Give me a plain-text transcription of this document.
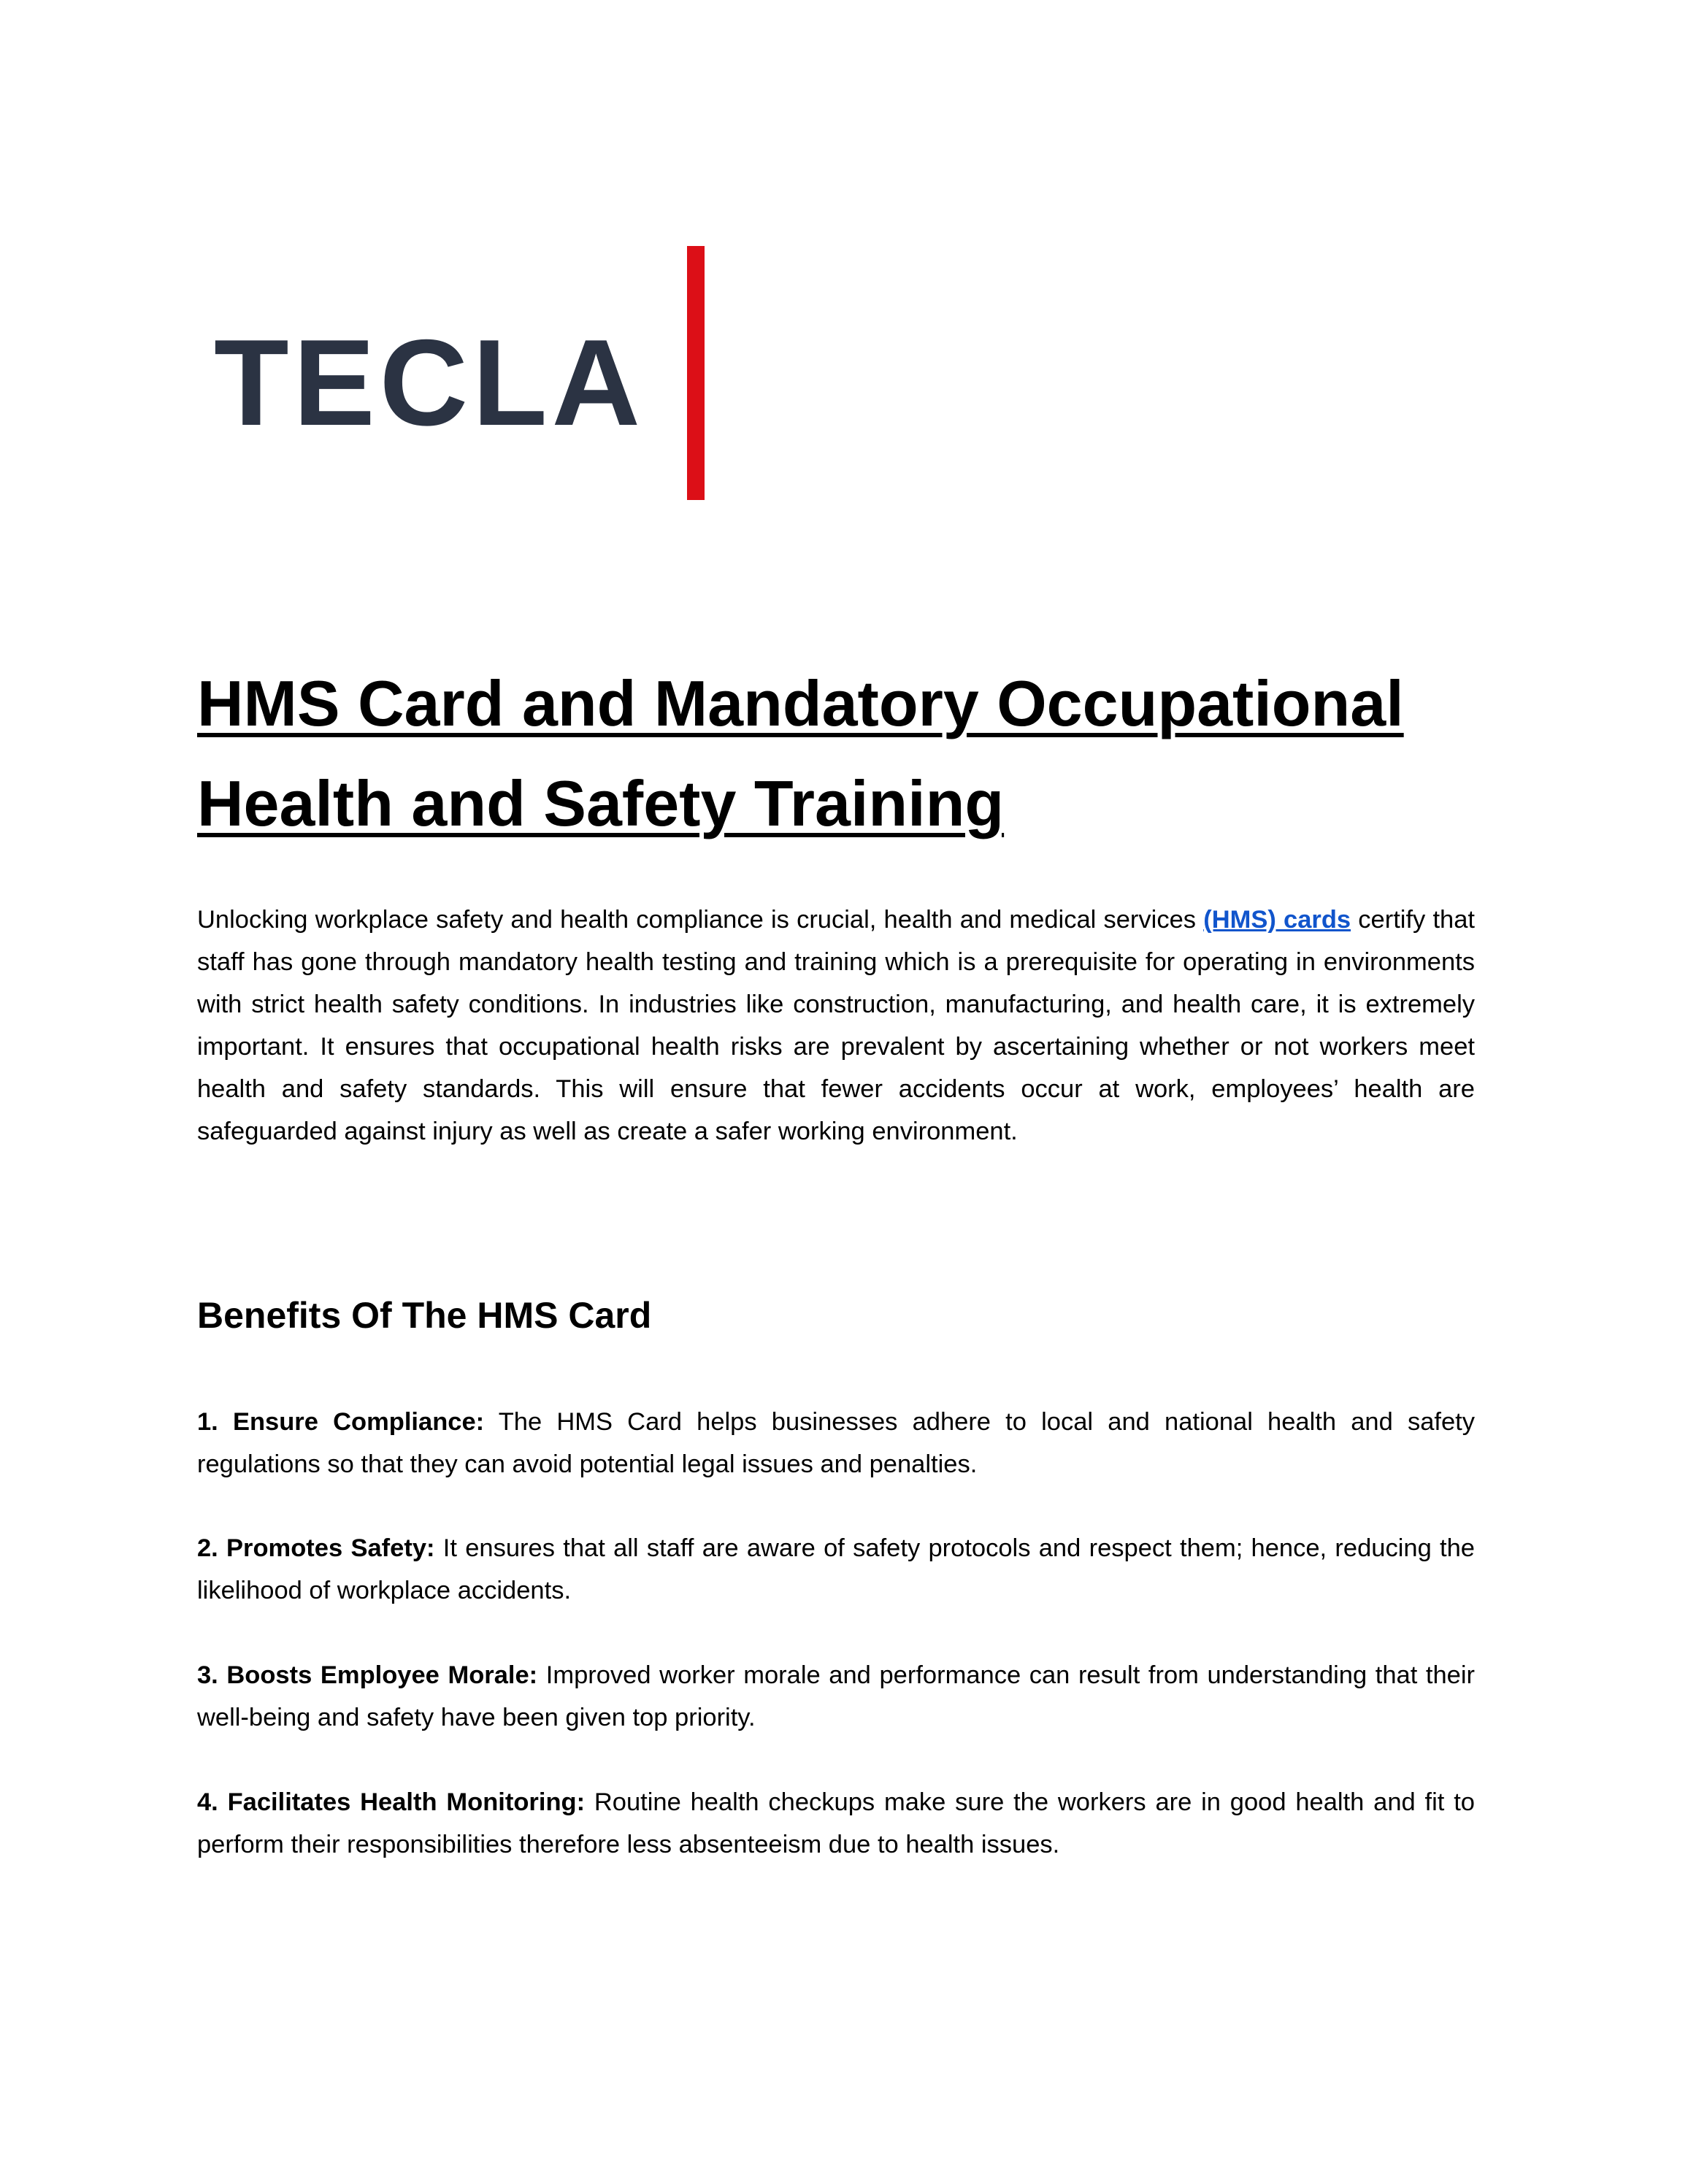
TECLA
HMS Card and Mandatory Occupational Health and Safety Training

Unlocking workplace safety and health compliance is crucial, health and medical services (HMS) cards certify that staff has gone through mandatory health testing and training which is a prerequisite for operating in environments with strict health safety conditions. In industries like construction, manufacturing, and health care, it is extremely important. It ensures that occupational health risks are prevalent by ascertaining whether or not workers meet health and safety standards. This will ensure that fewer accidents occur at work, employees’ health are safeguarded against injury as well as create a safer working environment.

Benefits Of The HMS Card

1. Ensure Compliance: The HMS Card helps businesses adhere to local and national health and safety regulations so that they can avoid potential legal issues and penalties.

2. Promotes Safety: It ensures that all staff are aware of safety protocols and respect them; hence, reducing the likelihood of workplace accidents.

3. Boosts Employee Morale: Improved worker morale and performance can result from understanding that their well-being and safety have been given top priority.

4. Facilitates Health Monitoring: Routine health checkups make sure the workers are in good health and fit to perform their responsibilities therefore less absenteeism due to health issues.
